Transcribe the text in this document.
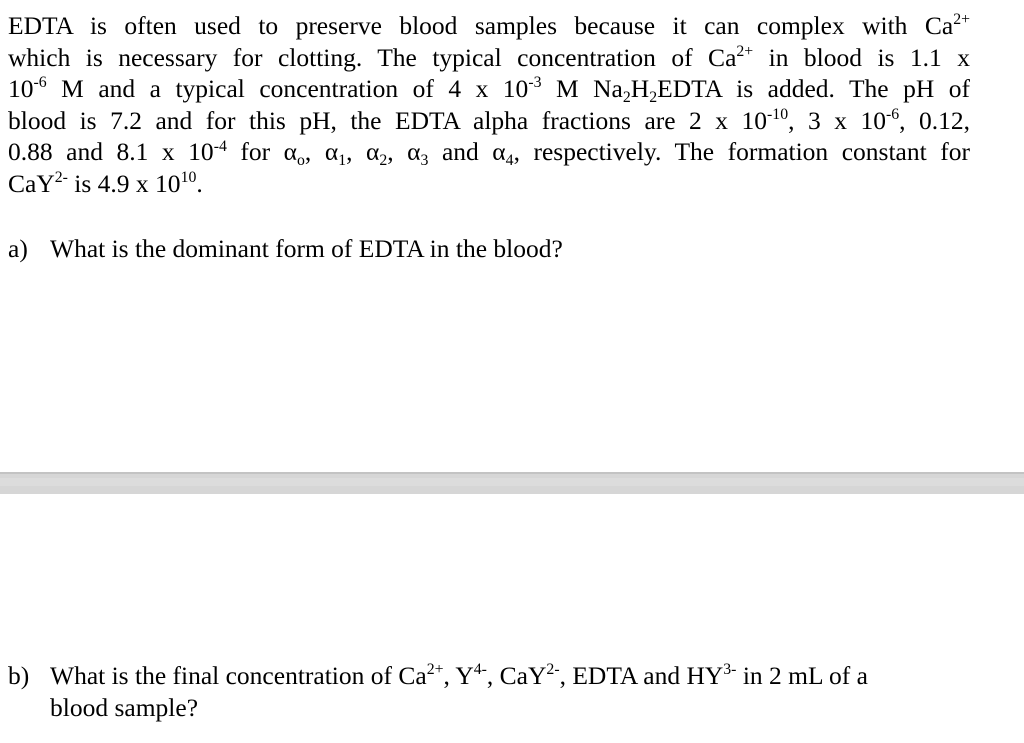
EDTA is often used to preserve blood samples because it can complex with $Ca^{2+}$
which is necessary for clotting. The typical concentration of $Ca^{2+}$ in blood is 1.1 x
$10^{-6}$ M and a typical concentration of 4 x $10^{-3}$ M $Na_2H_2EDTA$ is added. The pH of
blood is 7.2 and for this pH, the EDTA alpha fractions are 2 x $10^{-10}$, 3 x $10^{-6}$, 0.12,
0.88 and 8.1 x $10^{-4}$ for $\alpha_o$, $\alpha_1$, $\alpha_2$, $\alpha_3$ and $\alpha_4$, respectively. The formation constant for
CaY$^{2-}$ is 4.9 x $10^{10}$.
a) What is the dominant form of EDTA in the blood?
b) What is the final concentration of $Ca^{2+}$, $Y^{4-}$, CaY$^{2-}$, EDTA and $HY^{3-}$ in 2 mL of a
blood sample?
